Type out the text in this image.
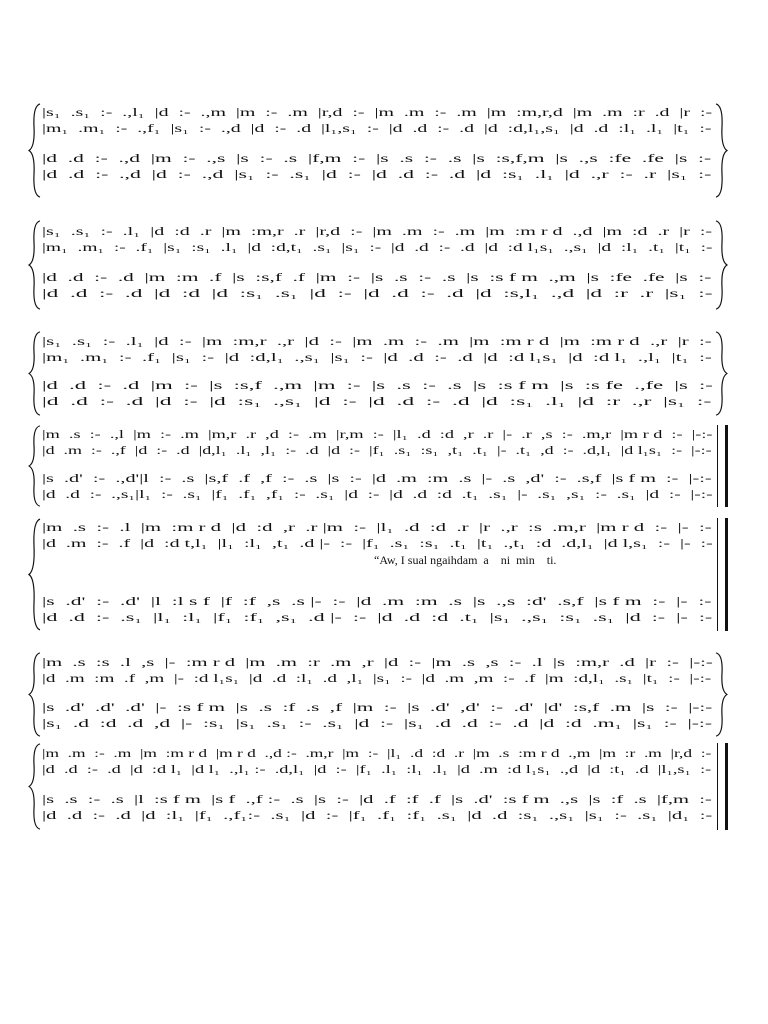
|s₁  .s₁  :-  .,l₁  |d  :-  .,m  |m  :-  .m  |r,d  :-  |m  .m  :-  .m  |m  :m,r,d  |m  .m  :r  .d  |r  :-
|m₁  .m₁  :-  .,f₁  |s₁  :-  .,d  |d  :-  .d  |l₁,s₁  :-  |d  .d  :-  .d  |d  :d,l₁,s₁  |d  .d  :l₁  .l₁  |t₁  :-
|d  .d  :-  .,d  |m  :-  .,s  |s  :-  .s  |f,m  :-  |s  .s  :-  .s  |s  :s,f,m  |s  .,s  :fe  .fe  |s  :-
|d  .d  :-  .,d  |d  :-  .,d  |s₁  :-  .s₁  |d  :-  |d  .d  :-  .d  |d  :s₁  .l₁  |d  .,r  :-  .r  |s₁  :-
|s₁  .s₁  :-  .l₁  |d  :d  .r  |m  :m,r  .r  |r,d  :-  |m  .m  :-  .m  |m  :m r d  .,d  |m  :d  .r  |r  :-
|m₁  .m₁  :-  .f₁  |s₁  :s₁  .l₁  |d  :d,t₁  .s₁  |s₁  :-  |d  .d  :-  .d  |d  :d l₁s₁  .,s₁  |d  :l₁  .t₁  |t₁  :-
|d  .d  :-  .d  |m  :m  .f  |s  :s,f  .f  |m  :-  |s  .s  :-  .s  |s  :s f m  .,m  |s  :fe  .fe  |s  :-
|d  .d  :-  .d  |d  :d  |d  :s₁  .s₁  |d  :-  |d  .d  :-  .d  |d  :s,l₁  .,d  |d  :r  .r  |s₁  :-
|s₁  .s₁  :-  .l₁  |d  :-  |m  :m,r  .,r  |d  :-  |m  .m  :-  .m  |m  :m r d  |m  :m r d  .,r  |r  :-
|m₁  .m₁  :-  .f₁  |s₁  :-  |d  :d,l₁  .,s₁  |s₁  :-  |d  .d  :-  .d  |d  :d l₁s₁  |d  :d l₁  .,l₁  |t₁  :-
|d  .d  :-  .d  |m  :-  |s  :s,f  .,m  |m  :-  |s  .s  :-  .s  |s  :s f m  |s  :s fe  .,fe  |s  :-
|d  .d  :-  .d  |d  :-  |d  :s₁  .,s₁  |d  :-  |d  .d  :-  .d  |d  :s₁  .l₁  |d  :r  .,r  |s₁  :-
|m  .s  :-  .,l  |m  :-  .m  |m,r  .r  ,d  :-  .m  |r,m  :-  |l₁  .d  :d  ,r  .r  |-  .r  ,s  :-  .m,r  |m r d  :-  |-:-
|d  .m  :-  .,f  |d  :-  .d  |d,l₁  .l₁  ,l₁  :-  .d  |d  :-  |f₁  .s₁  :s₁  ,t₁  .t₁  |-  .t₁  ,d  :-  .d,l₁  |d l₁s₁  :-  |-:-
|s  .d'  :-  .,d'|l  :-  .s  |s,f  .f  ,f  :-  .s  |s  :-  |d  .m  :m  .s  |-  .s  ,d'  :-  .s,f  |s f m  :-  |-:-
|d  .d  :-  .,s₁|l₁  :-  .s₁  |f₁  .f₁  ,f₁  :-  .s₁  |d  :-  |d  .d  :d  .t₁  .s₁  |-  .s₁  ,s₁  :-  .s₁  |d  :-  |-:-
|m  .s  :-  .l  |m  :m r d  |d  :d  ,r  .r |m  :-  |l₁  .d  :d  .r  |r  .,r  :s  .m,r  |m r d  :-  |-  :-
|d  .m  :-  .f  |d  :d t,l₁  |l₁  :l₁  ,t₁  .d |-  :-  |f₁  .s₁  :s₁  .t₁  |t₁  .,t₁  :d  .d,l₁  |d l,s₁  :-  |-  :-
“Aw, I sual ngaihdam  a    ni  min    ti.
|s  .d'  :-  .d'  |l  :l s f  |f  :f  ,s  .s |-  :-  |d  .m  :m  .s  |s  .,s  :d'  .s,f  |s f m  :-  |-  :-
|d  .d  :-  .s₁  |l₁  :l₁  |f₁  :f₁  ,s₁  .d |-  :-  |d  .d  :d  .t₁  |s₁  .,s₁  :s₁  .s₁  |d  :-  |-  :-
|m  .s  :s  .l  ,s  |-  :m r d  |m  .m  :r  .m  ,r  |d  :-  |m  .s  ,s  :-  .l  |s  :m,r  .d  |r  :-  |-:-
|d  .m  :m  .f  ,m  |-  :d l₁s₁  |d  .d  :l₁  .d  ,l₁  |s₁  :-  |d  .m  ,m  :-  .f  |m  :d,l₁  .s₁  |t₁  :-  |-:-
|s  .d'  .d'  .d'  |-  :s f m  |s  .s  :f  .s  ,f  |m  :-  |s  .d'  ,d'  :-  .d'  |d'  :s,f  .m  |s  :-  |-:-
|s₁  .d  :d  .d  ,d  |-  :s₁  |s₁  .s₁  :-  .s₁  |d  :-  |s₁  .d  .d  :-  .d  |d  :d  .m₁  |s₁  :-  |-:-
|m  .m  :-  .m  |m  :m r d  |m r d  .,d :-  .m,r  |m  :-  |l₁  .d  :d  .r  |m  .s  :m r d  .,m  |m  :r  .m  |r,d  :-
|d  .d  :-  .d  |d  :d l₁  |d l₁  .,l₁ :-  .d,l₁  |d  :-  |f₁  .l₁  :l₁  .l₁  |d  .m  :d l₁s₁  .,d  |d  :t₁  .d  |l₁,s₁  :-
|s  .s  :-  .s  |l  :s f m  |s f  .,f :-  .s  |s  :-  |d  .f  :f  .f  |s  .d'  :s f m  .,s  |s  :f  .s  |f,m  :-
|d  .d  :-  .d  |d  :l₁  |f₁  .,f₁:-  .s₁  |d  :-  |f₁  .f₁  :f₁  .s₁  |d  .d  :s₁  .,s₁  |s₁  :-  .s₁  |d₁  :-
